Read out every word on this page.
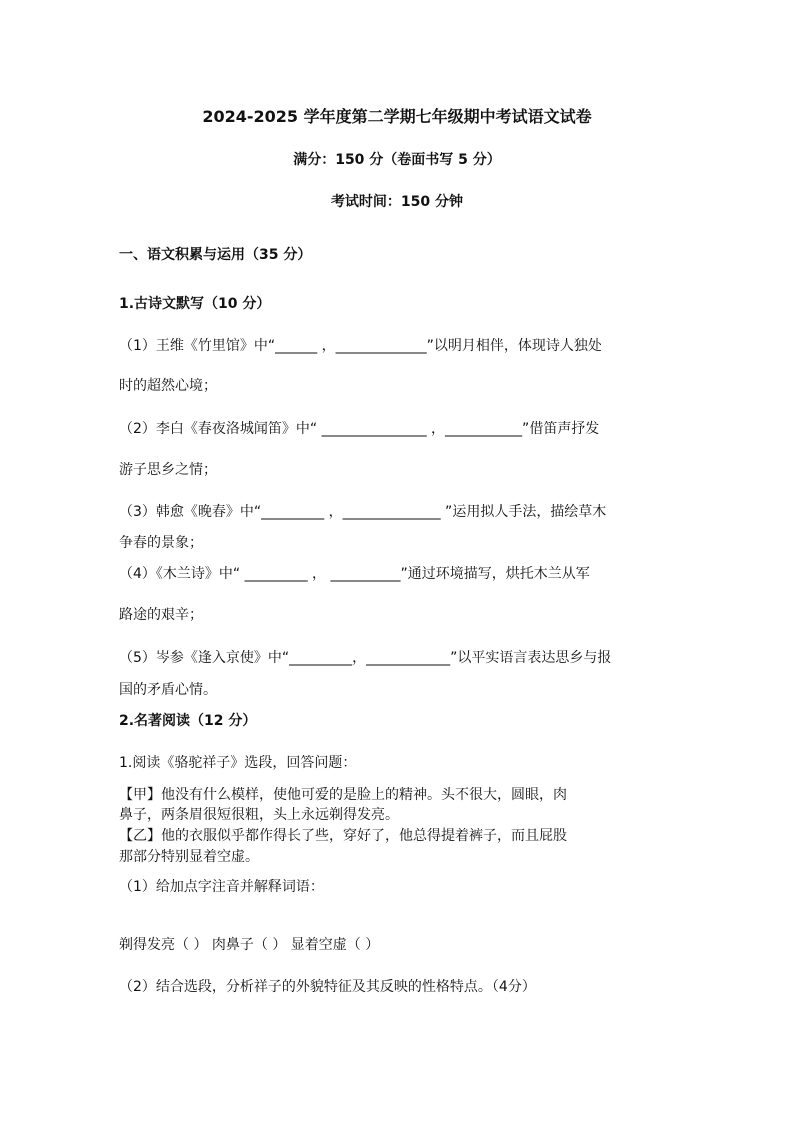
2024-2025 学年度第二学期七年级期中考试语文试卷
满分：150 分（卷面书写 5 分）
考试时间：150 分钟
一、语文积累与运用（35 分）
1.古诗文默写（10 分）
（1）王维《竹里馆》中“______ ，_____________”以明月相伴，体现诗人独处
时的超然心境；
（2）李白《春夜洛城闻笛》中“ _______________ ，___________”借笛声抒发
游子思乡之情；
（3）韩愈《晚春》中“_________ ，______________ ”运用拟人手法，描绘草木
争春的景象；
（4）《木兰诗》中“ _________ ， __________”通过环境描写，烘托木兰从军
路途的艰辛；
（5）岑参《逢入京使》中“_________，____________”以平实语言表达思乡与报
国的矛盾心情。
2.名著阅读（12 分）
1.阅读《骆驼祥子》选段，回答问题：
【甲】他没有什么模样，使他可爱的是脸上的精神。头不很大，圆眼，肉
鼻子，两条眉很短很粗，头上永远剃得发亮。
【乙】他的衣服似乎都作得长了些，穿好了，他总得提着裤子，而且屁股
那部分特别显着空虚。
（1）给加点字注音并解释词语：
剃得发亮（ ） 肉鼻子（ ） 显着空虚（ ）
（2）结合选段，分析祥子的外貌特征及其反映的性格特点。（4分）
